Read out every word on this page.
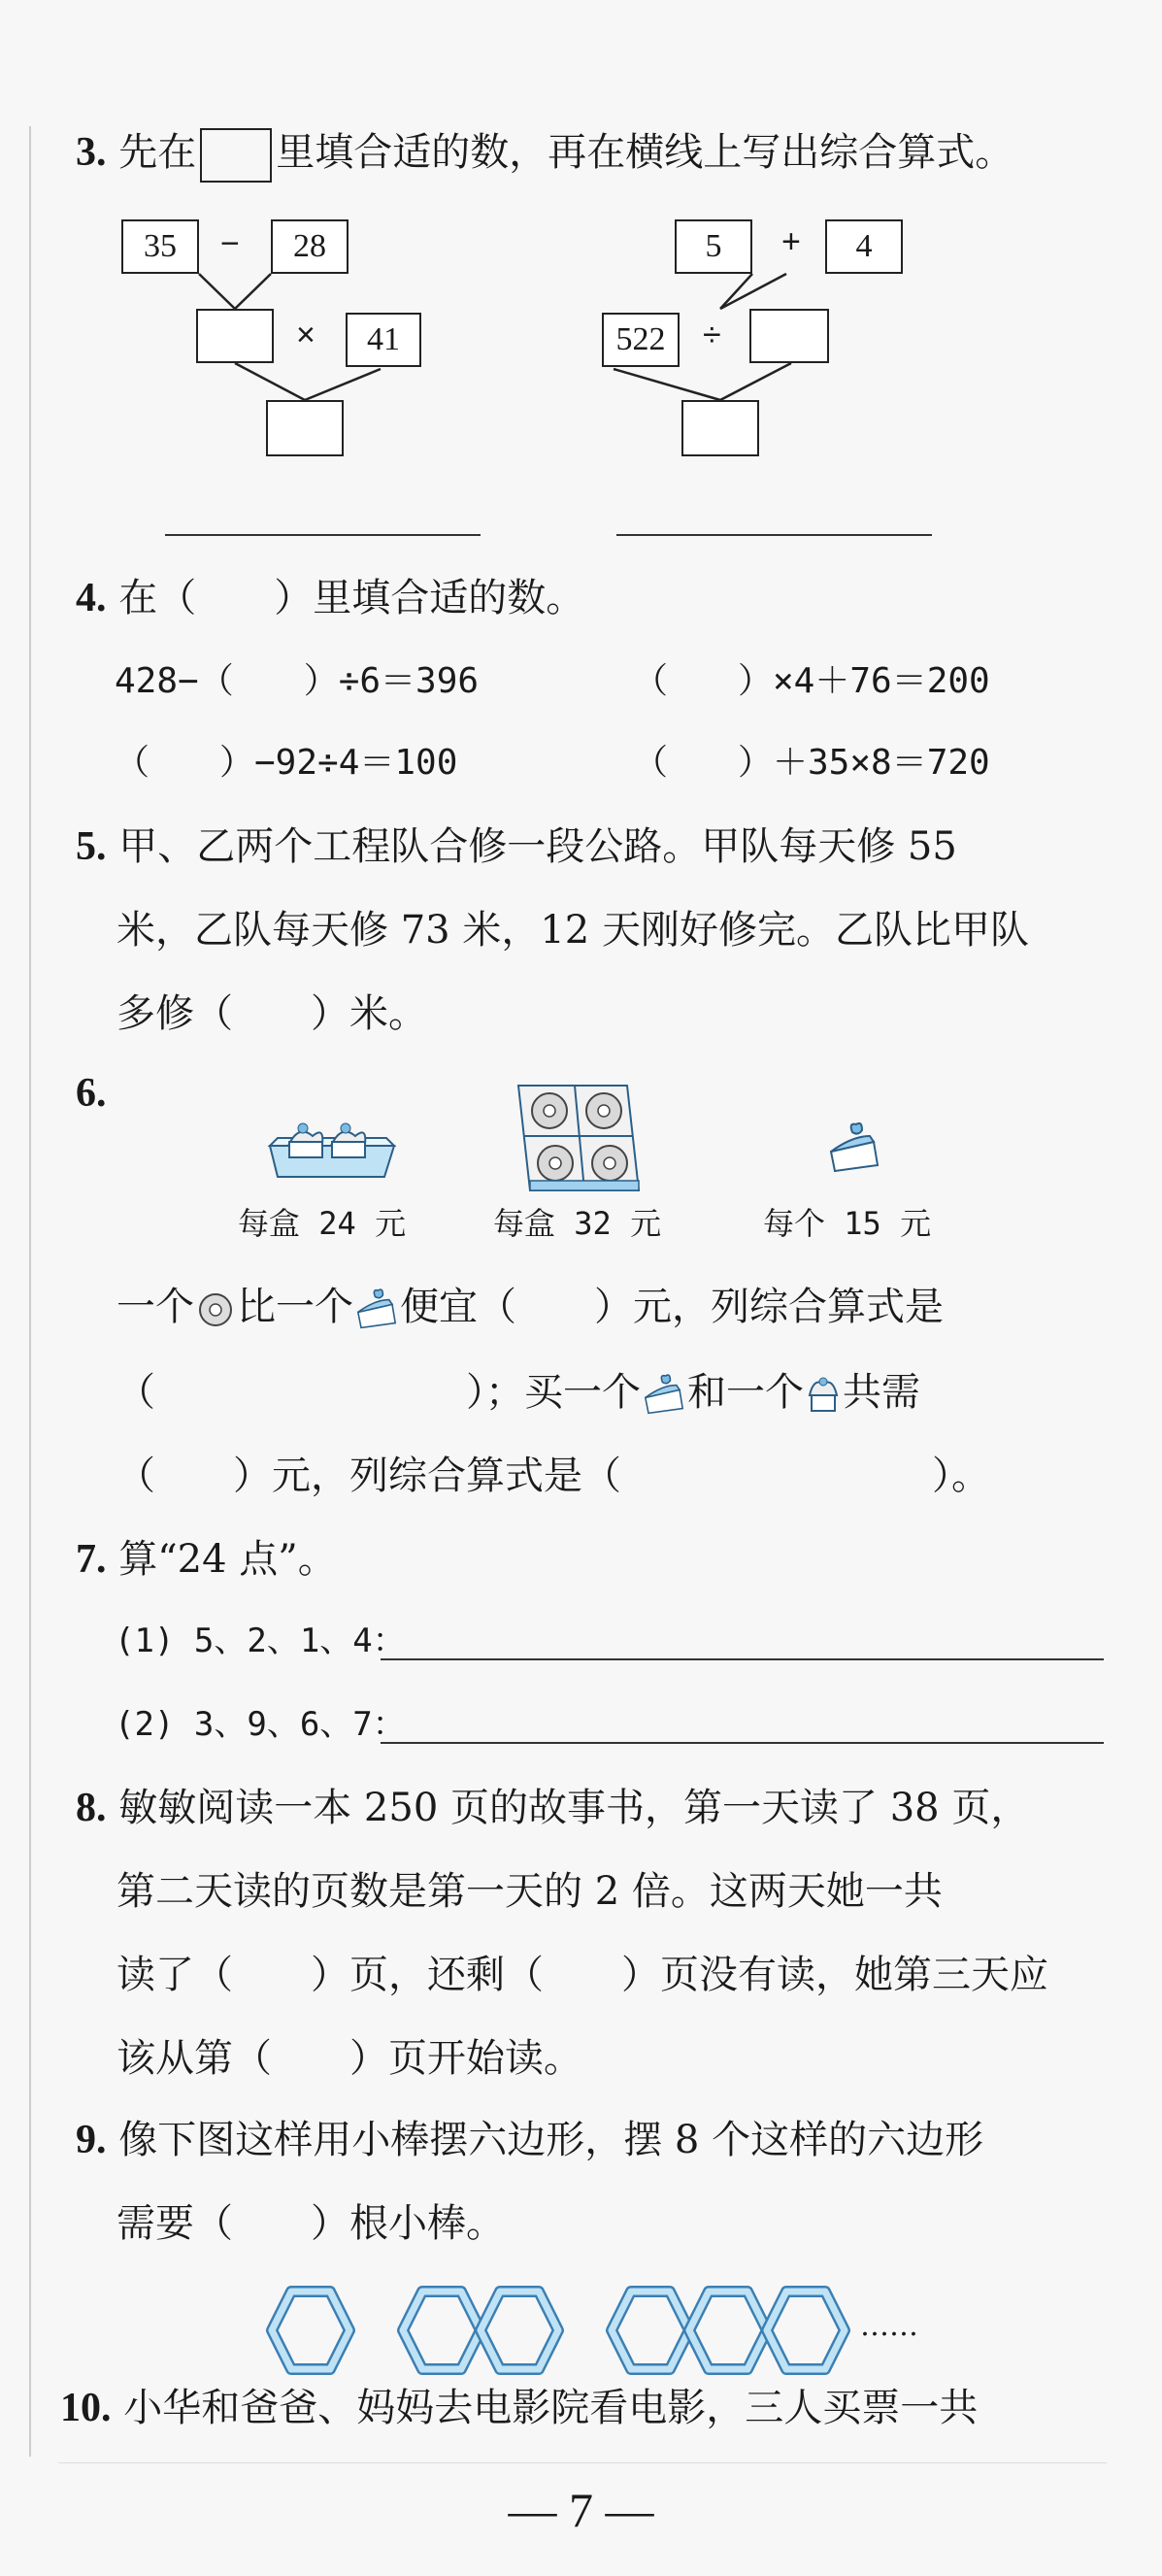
3. 先在 里填合适的数，再在横线上写出综合算式。
35	−	28
×	41
5	+	4
522	÷
4. 在（　　）里填合适的数。
428−（　　）÷6＝396	（　　）×4＋76＝200
（　　）−92÷4＝100	（　　）＋35×8＝720
5. 甲、乙两个工程队合修一段公路。甲队每天修 55
米，乙队每天修 73 米，12 天刚好修完。乙队比甲队
多修（　　）米。
6.
每盒 24 元	每盒 32 元	每个 15 元
一个 比一个 便宜（　　）元，列综合算式是
（　　　　　　　　）；买一个 和一个 共需
（　　）元，列综合算式是（　　　　　　　　）。
7. 算“24 点”。
(1) 5、2、1、4：
(2) 3、9、6、7：
8. 敏敏阅读一本 250 页的故事书，第一天读了 38 页，
第二天读的页数是第一天的 2 倍。这两天她一共
读了（　　）页，还剩（　　）页没有读，她第三天应
该从第（　　）页开始读。
9. 像下图这样用小棒摆六边形，摆 8 个这样的六边形
需要（　　）根小棒。
……
10. 小华和爸爸、妈妈去电影院看电影，三人买票一共
— 7 —
